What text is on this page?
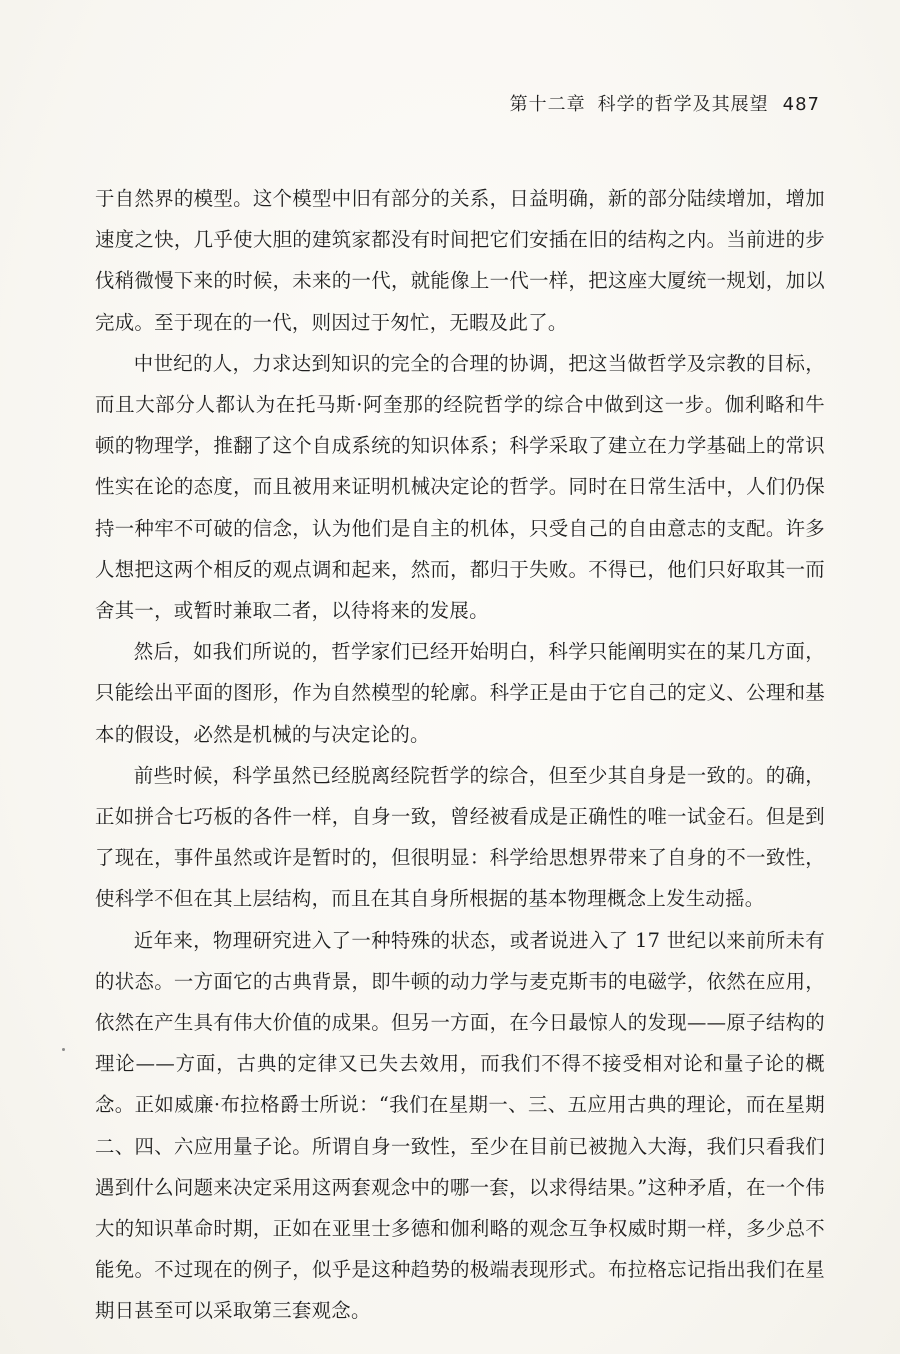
第十二章 科学的哲学及其展望 487

于自然界的模型。这个模型中旧有部分的关系，日益明确，新的部分陆续增加，增加速度之快，几乎使大胆的建筑家都没有时间把它们安插在旧的结构之内。当前进的步伐稍微慢下来的时候，未来的一代，就能像上一代一样，把这座大厦统一规划，加以完成。至于现在的一代，则因过于匆忙，无暇及此了。

中世纪的人，力求达到知识的完全的合理的协调，把这当做哲学及宗教的目标，而且大部分人都认为在托马斯·阿奎那的经院哲学的综合中做到这一步。伽利略和牛顿的物理学，推翻了这个自成系统的知识体系；科学采取了建立在力学基础上的常识性实在论的态度，而且被用来证明机械决定论的哲学。同时在日常生活中，人们仍保持一种牢不可破的信念，认为他们是自主的机体，只受自己的自由意志的支配。许多人想把这两个相反的观点调和起来，然而，都归于失败。不得已，他们只好取其一而舍其一，或暂时兼取二者，以待将来的发展。

然后，如我们所说的，哲学家们已经开始明白，科学只能阐明实在的某几方面，只能绘出平面的图形，作为自然模型的轮廓。科学正是由于它自己的定义、公理和基本的假设，必然是机械的与决定论的。

前些时候，科学虽然已经脱离经院哲学的综合，但至少其自身是一致的。的确，正如拼合七巧板的各件一样，自身一致，曾经被看成是正确性的唯一试金石。但是到了现在，事件虽然或许是暂时的，但很明显：科学给思想界带来了自身的不一致性，使科学不但在其上层结构，而且在其自身所根据的基本物理概念上发生动摇。

近年来，物理研究进入了一种特殊的状态，或者说进入了 17 世纪以来前所未有的状态。一方面它的古典背景，即牛顿的动力学与麦克斯韦的电磁学，依然在应用，依然在产生具有伟大价值的成果。但另一方面，在今日最惊人的发现——原子结构的理论——方面，古典的定律又已失去效用，而我们不得不接受相对论和量子论的概念。正如威廉·布拉格爵士所说：“我们在星期一、三、五应用古典的理论，而在星期二、四、六应用量子论。所谓自身一致性，至少在目前已被抛入大海，我们只看我们遇到什么问题来决定采用这两套观念中的哪一套，以求得结果。”这种矛盾，在一个伟大的知识革命时期，正如在亚里士多德和伽利略的观念互争权威时期一样，多少总不能免。不过现在的例子，似乎是这种趋势的极端表现形式。布拉格忘记指出我们在星期日甚至可以采取第三套观念。
